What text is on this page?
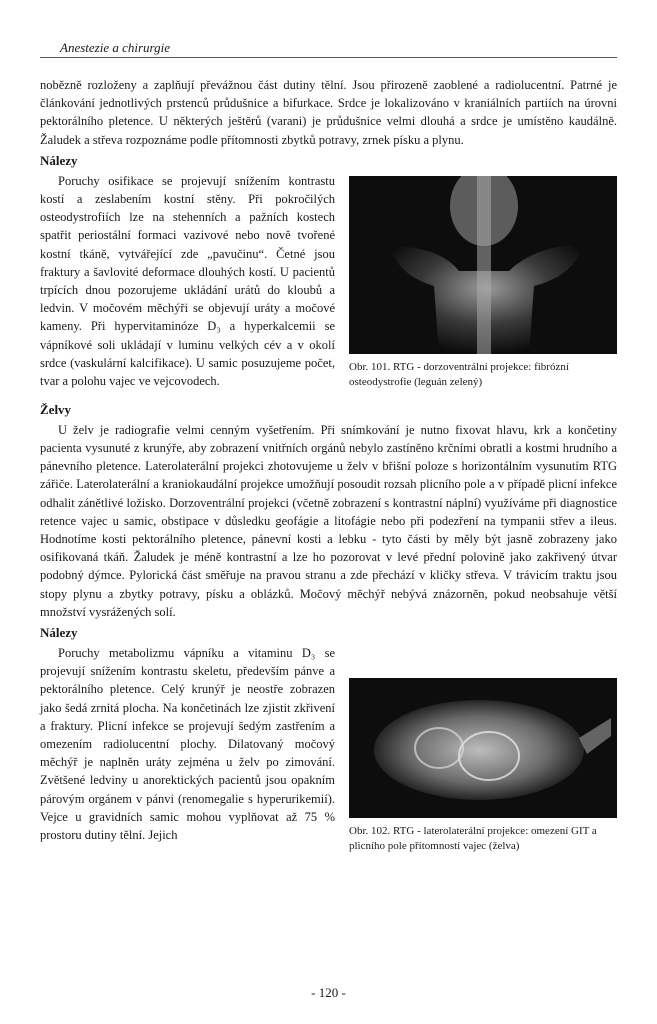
Anestezie a chirurgie

nobězně rozloženy a zaplňují převážnou část dutiny tělní. Jsou přirozeně zaoblené a radiolucentní. Patrné je článkování jednotlivých prstenců průdušnice a bifurkace. Srdce je lokalizováno v kraniálních partiích na úrovni pektorálního pletence. U některých ještěrů (varani) je průdušnice velmi dlouhá a srdce je umístěno kaudálně. Žaludek a střeva rozpoznáme podle přítomnosti zbytků potravy, zrnek písku a plynu.

Nálezy
Obr. 101. RTG - dorzoventrální projekce: fibrózní osteodystrofie (leguán zelený)

Poruchy osifikace se projevují snížením kontrastu kostí a zeslabením kostní stěny. Při pokročilých osteodystrofiích lze na stehenních a pažních kostech spatřit periostální formaci vazivové nebo nově tvořené kostní tkáně, vytvářející zde „pavučinu“. Četné jsou fraktury a šavlovité deformace dlouhých kostí. U pacientů trpících dnou pozorujeme ukládání urátů do kloubů a ledvin. V močovém měchýři se objevují uráty a močové kameny. Při hypervitaminóze D₃ a hyperkalcemii se vápníkové soli ukládají v luminu velkých cév a v okolí srdce (vaskulární kalcifikace). U samic posuzujeme počet, tvar a polohu vajec ve vejcovodech.

Želvy

U želv je radiografie velmi cenným vyšetřením. Při snímkování je nutno fixovat hlavu, krk a končetiny pacienta vysunuté z krunýře, aby zobrazení vnitřních orgánů nebylo zastíněno krčními obratli a kostmi hrudního a pánevního pletence. Laterolaterální projekci zhotovujeme u želv v břišní poloze s horizontálním vysunutím RTG zářiče. Laterolaterální a kraniokaudální projekce umožňují posoudit rozsah plicního pole a v případě plicní infekce odhalit zánětlivé ložisko. Dorzoventrální projekci (včetně zobrazení s kontrastní náplní) využíváme při diagnostice retence vajec u samic, obstipace v důsledku geofágie a litofágie nebo při podezření na tympanii střev a ileus. Hodnotíme kosti pektorálního pletence, pánevní kosti a lebku - tyto části by měly být jasně zobrazeny jako osifikovaná tkáň. Žaludek je méně kontrastní a lze ho pozorovat v levé přední polovině jako zakřivený útvar podobný dýmce. Pylorická část směřuje na pravou stranu a zde přechází v kličky střeva. V trávicím traktu jsou stopy plynu a zbytky potravy, písku a oblázků. Močový měchýř nebývá znázorněn, pokud neobsahuje větší množství vysrážených solí.

Nálezy
Obr. 102. RTG - laterolaterální projekce: omezení GIT a plicního pole přítomností vajec (želva)

Poruchy metabolizmu vápníku a vitaminu D₃ se projevují snížením kontrastu skeletu, především pánve a pektorálního pletence. Celý krunýř je neostře zobrazen jako šedá zrnitá plocha. Na končetinách lze zjistit zkřivení a fraktury. Plicní infekce se projevují šedým zastřením a omezením radiolucentní plochy. Dilatovaný močový měchýř je naplněn uráty zejména u želv po zimování. Zvětšené ledviny u anorektických pacientů jsou opakním párovým orgánem v pánvi (renomegalie s hyperurikemií). Vejce u gravidních samic mohou vyplňovat až 75 % prostoru dutiny tělní. Jejich

- 120 -
